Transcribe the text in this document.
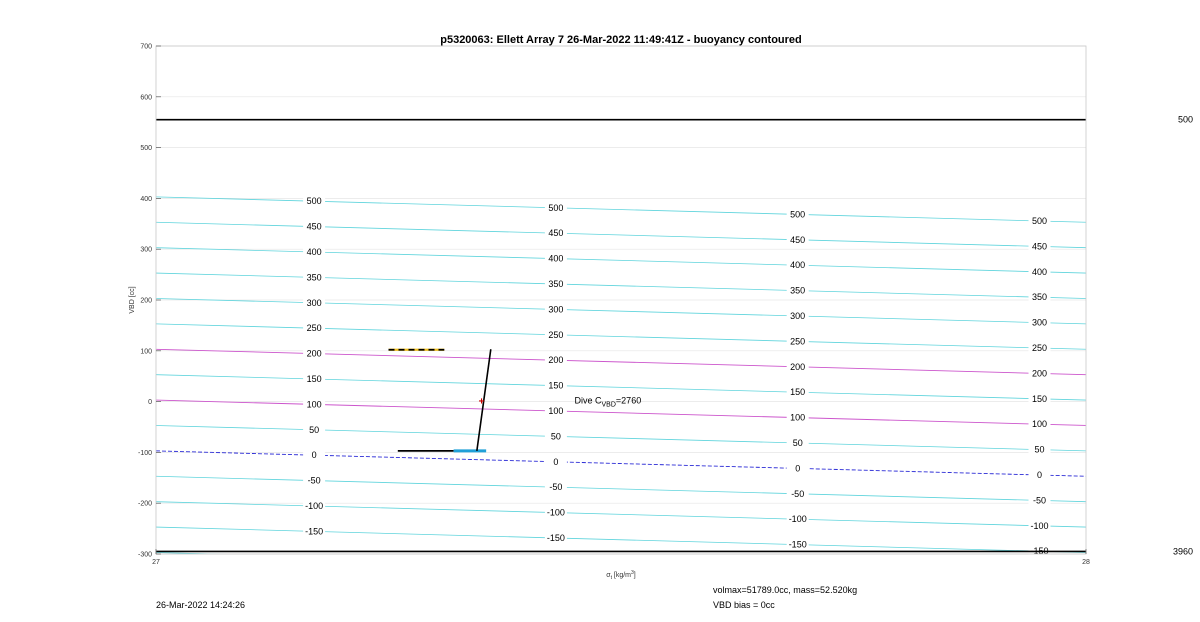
-150
-150
-150
-150
-100
-100
-100
-100
-50
-50
-50
-50
0
0
0
0
50
50
50
50
100
100
100
100
150
150
150
150
200
200
200
200
250
250
250
250
300
300
300
300
350
350
350
350
400
400
400
400
450
450
450
450
500
500
500
500
500
3960
+	Dive $C_{VBD}=2760$
-300
-200
-100
0
100
200
300
400
500
600
700
27	28
p5320063: Ellett Array 7 26-Mar-2022 11:49:41Z - buoyancy contoured
VBD [cc]
$\sigma_t$ $[kg/m^3]$
26-Mar-2022 14:24:26
volmax=51789.0cc, mass=52.520kg
VBD bias = 0cc
